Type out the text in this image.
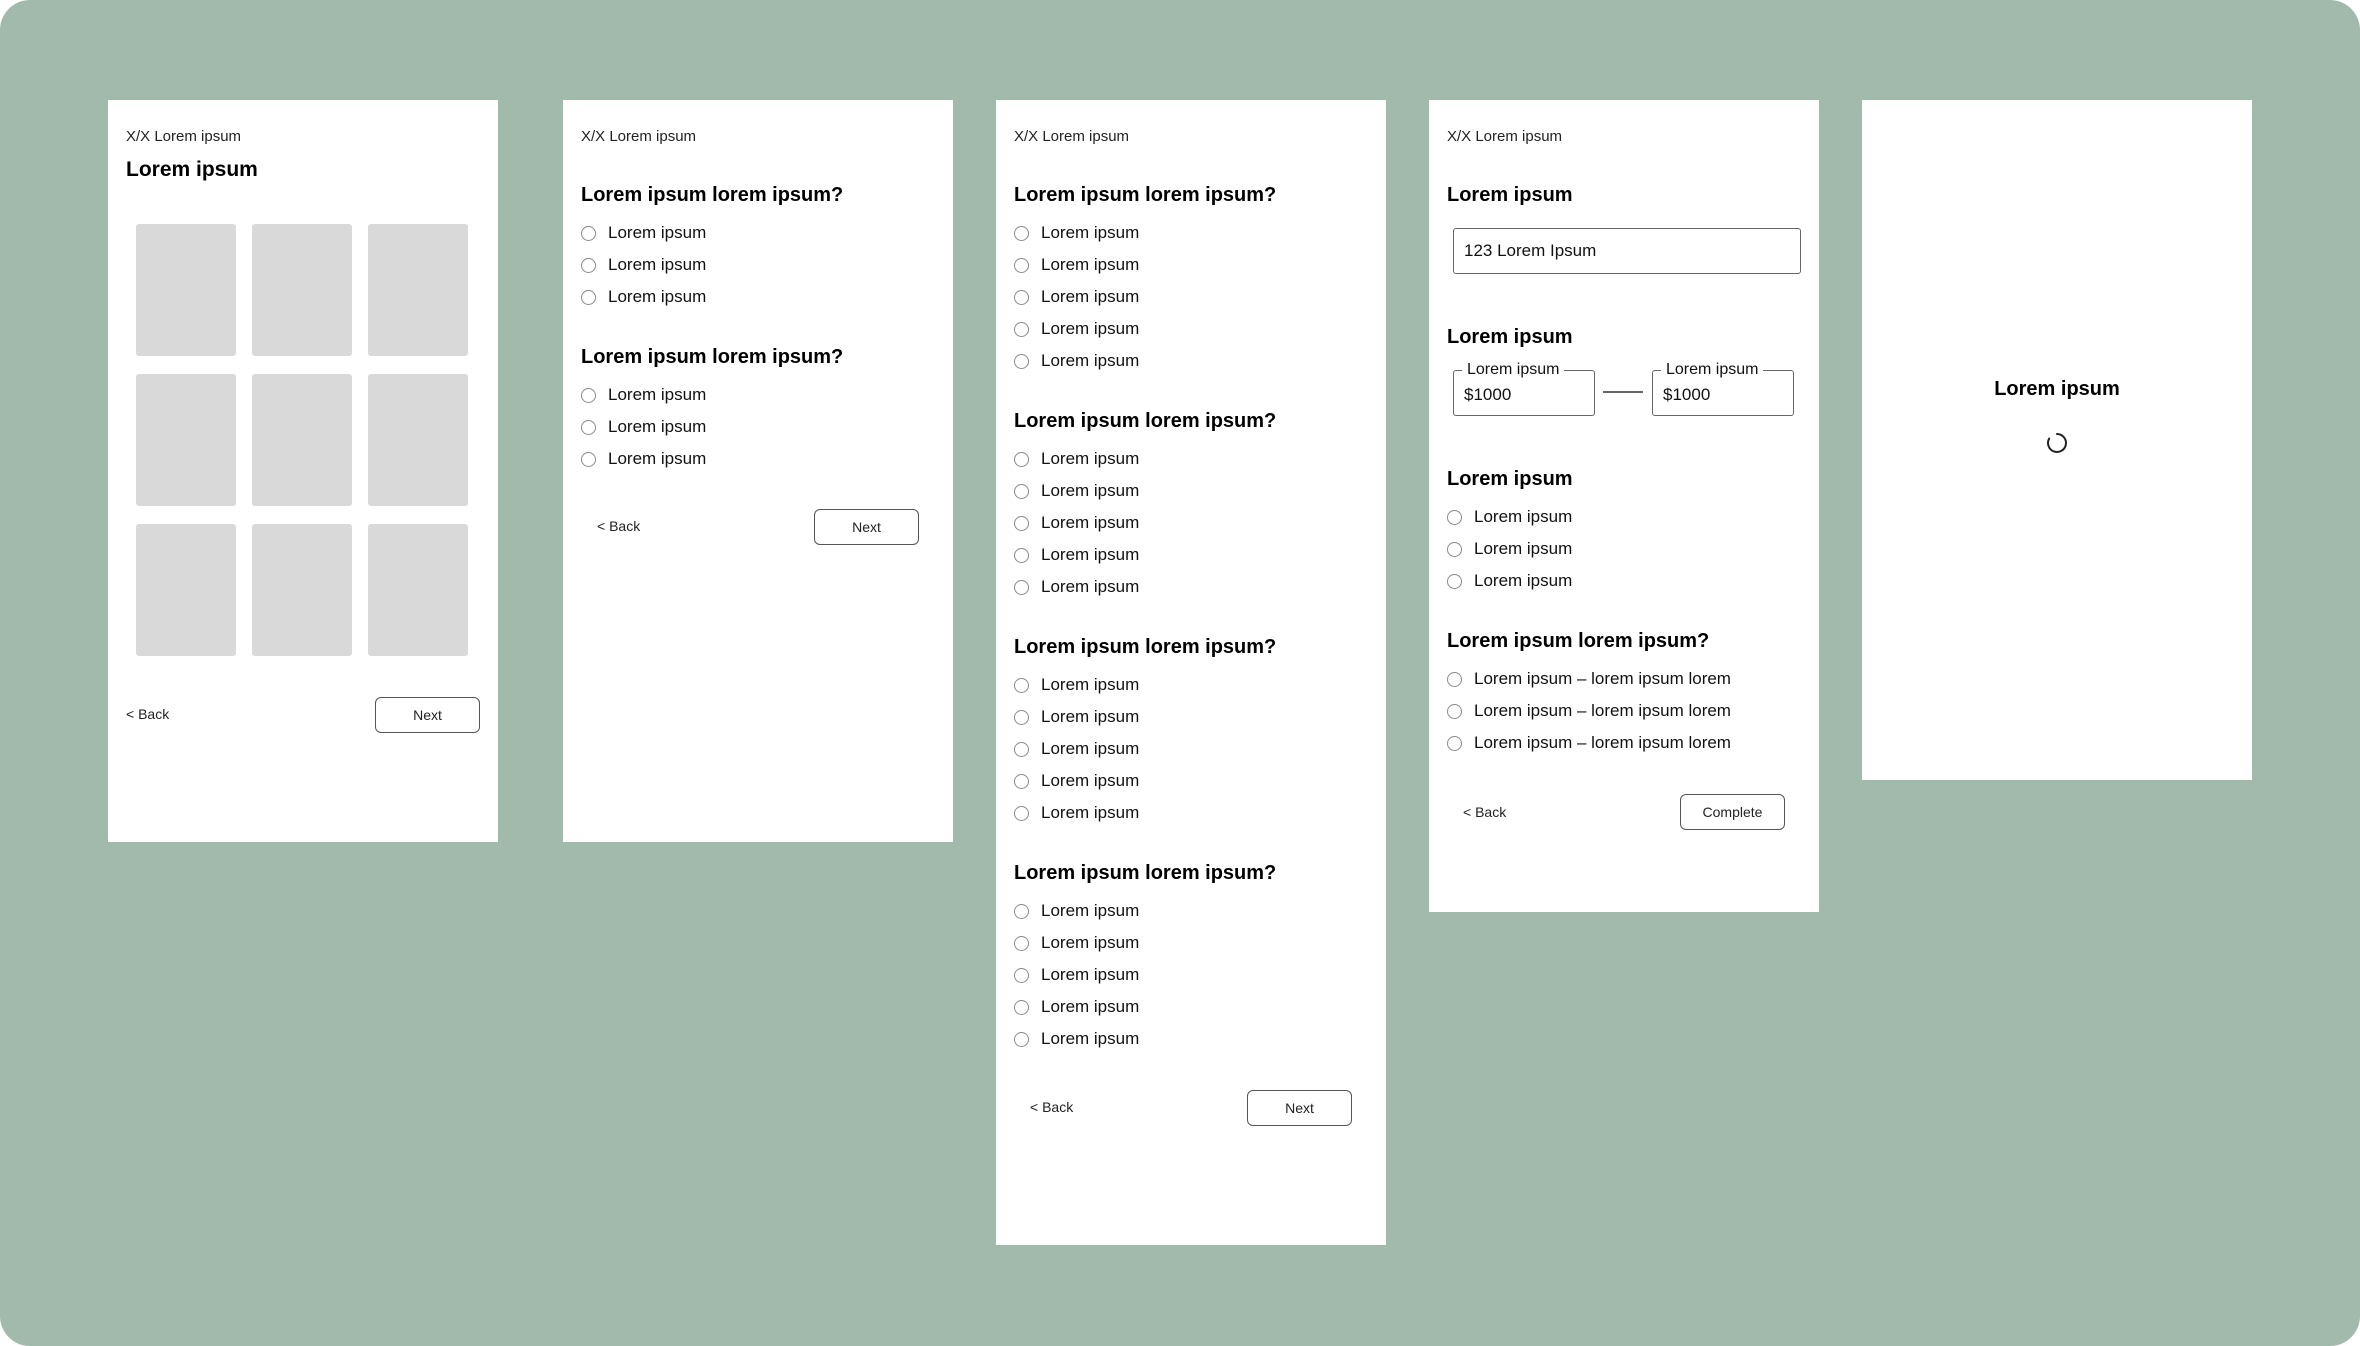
X/X Lorem ipsum
Lorem ipsum
< Back	Next
X/X Lorem ipsum
Lorem ipsum lorem ipsum?
Lorem ipsum
Lorem ipsum
Lorem ipsum
Lorem ipsum lorem ipsum?
Lorem ipsum
Lorem ipsum
Lorem ipsum
< Back	Next
X/X Lorem ipsum
Lorem ipsum lorem ipsum?
Lorem ipsum
Lorem ipsum
Lorem ipsum
Lorem ipsum
Lorem ipsum
Lorem ipsum lorem ipsum?
Lorem ipsum
Lorem ipsum
Lorem ipsum
Lorem ipsum
Lorem ipsum
Lorem ipsum lorem ipsum?
Lorem ipsum
Lorem ipsum
Lorem ipsum
Lorem ipsum
Lorem ipsum
Lorem ipsum lorem ipsum?
Lorem ipsum
Lorem ipsum
Lorem ipsum
Lorem ipsum
Lorem ipsum
< Back	Next
X/X Lorem ipsum
Lorem ipsum
123 Lorem Ipsum
Lorem ipsum
Lorem ipsum
$1000
Lorem ipsum
$1000
Lorem ipsum
Lorem ipsum
Lorem ipsum
Lorem ipsum
Lorem ipsum lorem ipsum?
Lorem ipsum – lorem ipsum lorem
Lorem ipsum – lorem ipsum lorem
Lorem ipsum – lorem ipsum lorem
< Back	Complete
Lorem ipsum
